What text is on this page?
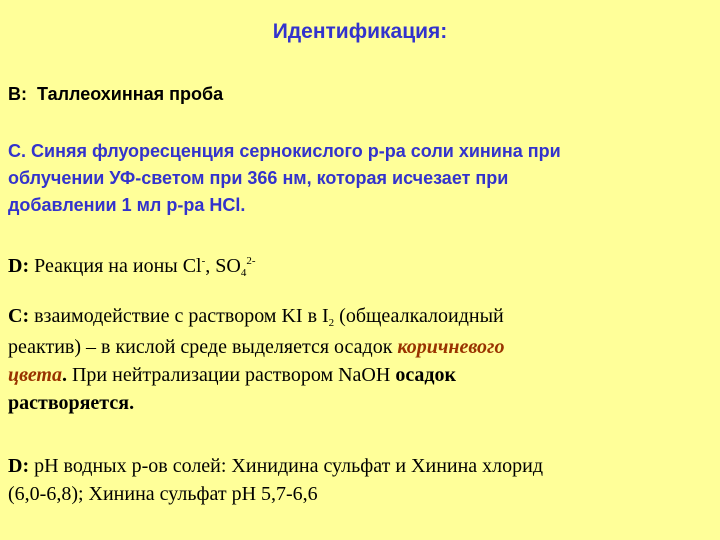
Идентификация:
В: Таллеохинная проба
С. Синяя флуоресценция сернокислого р-ра соли хинина при
облучении УФ-светом при 366 нм, которая исчезает при
добавлении 1 мл р-ра HCl.
D: Реакция на ионы Cl-, $SO_4^{2-}$
С: взаимодействие с раствором KI в $I_2$ (общеалкалоидный
реактив) – в кислой среде выделяется осадок коричневого
цвета. При нейтрализации раствором NaOH осадок
растворяется.
D: рН водных р-ов солей: Хинидина сульфат и Хинина хлорид
(6,0-6,8); Хинина сульфат рН 5,7-6,6
